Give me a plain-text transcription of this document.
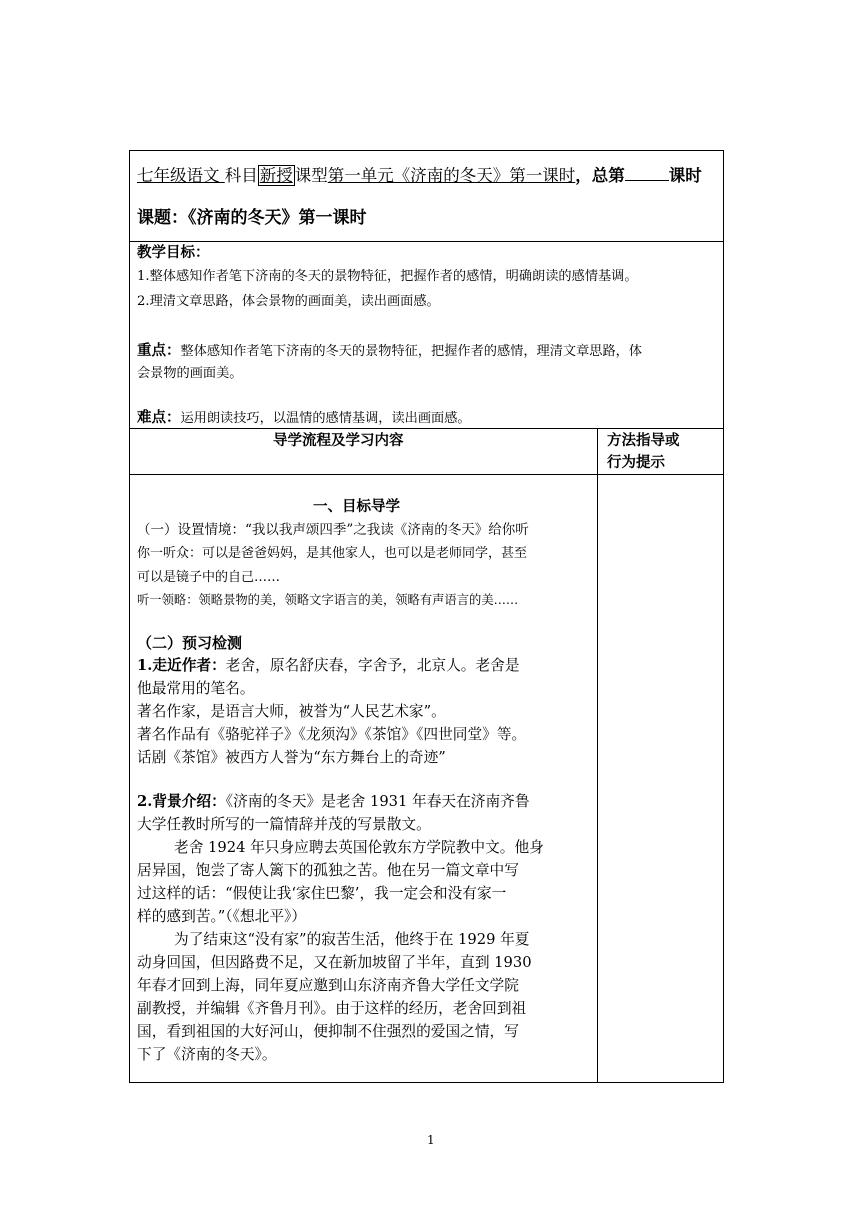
七年级语文 科目 新授 课型第一单元《济南的冬天》第一课时，总第	课时
课题：《济南的冬天》第一课时
教学目标：
1.整体感知作者笔下济南的冬天的景物特征，把握作者的感情，明确朗读的感情基调。
2.理清文章思路，体会景物的画面美，读出画面感。
重点：整体感知作者笔下济南的冬天的景物特征，把握作者的感情，理清文章思路，体
会景物的画面美。
难点：运用朗读技巧，以温情的感情基调，读出画面感。
导学流程及学习内容	方法指导或
行为提示
一、目标导学
（一）设置情境：“我以我声颂四季”之我读《济南的冬天》给你听
你一听众：可以是爸爸妈妈，是其他家人，也可以是老师同学，甚至
可以是镜子中的自己……
听一领略：领略景物的美，领略文字语言的美，领略有声语言的美……
（二）预习检测
1.走近作者：老舍，原名舒庆春，字舍予，北京人。老舍是
他最常用的笔名。
著名作家，是语言大师，被誉为“人民艺术家”。
著名作品有《骆驼祥子》《龙须沟》《茶馆》《四世同堂》等。
话剧《茶馆》被西方人誉为“东方舞台上的奇迹”
2.背景介绍：《济南的冬天》是老舍 1931 年春天在济南齐鲁
大学任教时所写的一篇情辞并茂的写景散文。
老舍 1924 年只身应聘去英国伦敦东方学院教中文。他身
居异国，饱尝了寄人篱下的孤独之苦。他在另一篇文章中写
过这样的话：“假使让我‘家住巴黎’，我一定会和没有家一
样的感到苦。”（《想北平》）
为了结束这“没有家”的寂苦生活，他终于在 1929 年夏
动身回国，但因路费不足，又在新加坡留了半年，直到 1930
年春才回到上海，同年夏应邀到山东济南齐鲁大学任文学院
副教授，并编辑《齐鲁月刊》。由于这样的经历，老舍回到祖
国，看到祖国的大好河山，便抑制不住强烈的爱国之情，写
下了《济南的冬天》。
1
